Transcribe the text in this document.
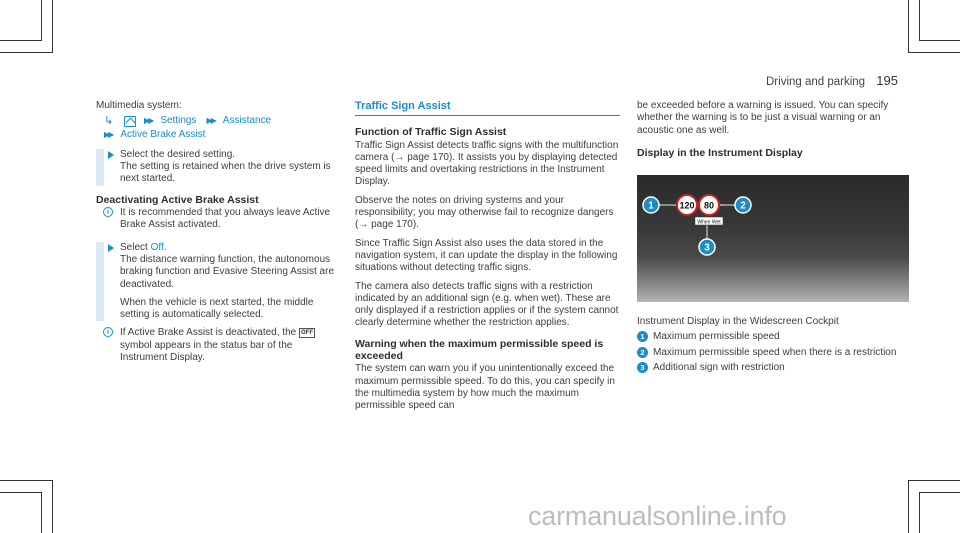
Driving and parking 195
Multimedia system:
↳	▶▶ Settings ▶▶ Assistance
▶▶ Active Brake Assist
Select the desired setting.
The setting is retained when the drive system is next started.
Deactivating Active Brake Assist
i	It is recommended that you always leave Active Brake Assist activated.
Select Off.
The distance warning function, the autonomous braking function and Evasive Steering Assist are deactivated.
When the vehicle is next started, the middle setting is automatically selected.
i	If Active Brake Assist is deactivated, the OFF symbol appears in the status bar of the Instrument Display.
Traffic Sign Assist
Function of Traffic Sign Assist
Traffic Sign Assist detects traffic signs with the multifunction camera (→ page 170). It assists you by displaying detected speed limits and overtaking restrictions in the Instrument Display.
Observe the notes on driving systems and your responsibility; you may otherwise fail to recognize dangers (→ page 170).
Since Traffic Sign Assist also uses the data stored in the navigation system, it can update the display in the following situations without detecting traffic signs.
The camera also detects traffic signs with a restriction indicated by an additional sign (e.g. when wet). These are only displayed if a restriction applies or if the system cannot clearly determine whether the restriction applies.
Warning when the maximum permissible speed is exceeded
The system can warn you if you unintentionally exceed the maximum permissible speed. To do this, you can specify in the multimedia system by how much the maximum permissible speed can
be exceeded before a warning is issued. You can specify whether the warning is to be just a visual warning or an acoustic one as well.
Display in the Instrument Display
1	120 80
When Wet
2
3
Instrument Display in the Widescreen Cockpit
1 Maximum permissible speed
2 Maximum permissible speed when there is a restriction
3 Additional sign with restriction
carmanualsonline.info
